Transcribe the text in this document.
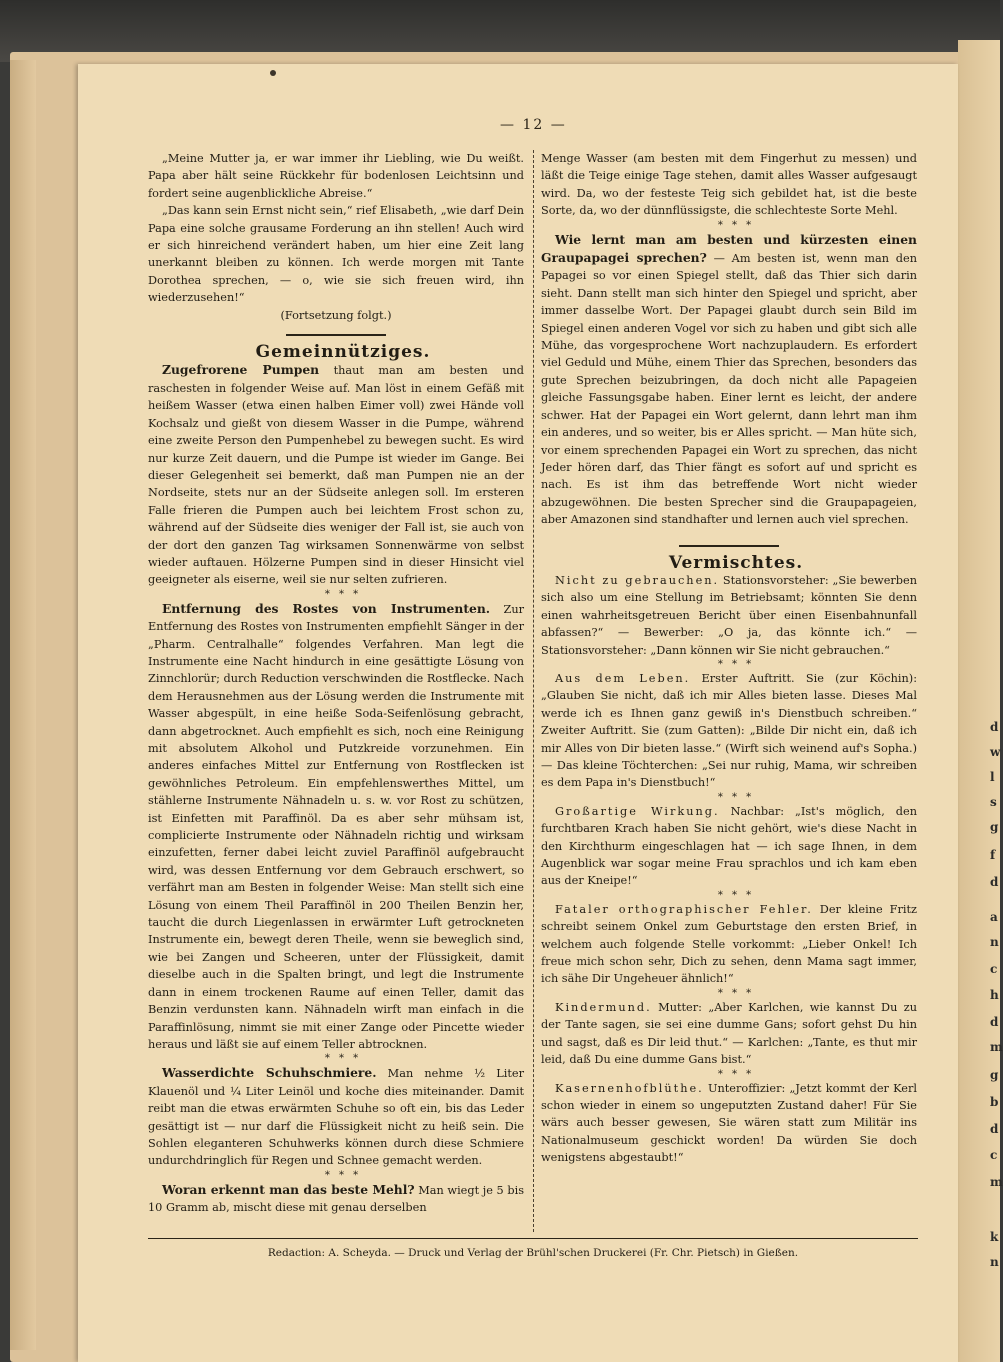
d
w
l
s
g
f
d
a
n
c
h
d
m
g
b
d
c
m
k
n
— 12 —

„Meine Mutter ja, er war immer ihr Liebling, wie Du weißt. Papa aber hält seine Rückkehr für bodenlosen Leichtsinn und fordert seine augenblickliche Abreise.“

„Das kann sein Ernst nicht sein,“ rief Elisabeth, „wie darf Dein Papa eine solche grausame Forderung an ihn stellen! Auch wird er sich hinreichend verändert haben, um hier eine Zeit lang unerkannt bleiben zu können. Ich werde morgen mit Tante Dorothea sprechen, — o, wie sie sich freuen wird, ihn wiederzusehen!“

(Fortsetzung folgt.)

Gemeinnütziges.

Zugefrorene Pumpen thaut man am besten und raschesten in folgender Weise auf. Man löst in einem Gefäß mit heißem Wasser (etwa einen halben Eimer voll) zwei Hände voll Kochsalz und gießt von diesem Wasser in die Pumpe, während eine zweite Person den Pumpenhebel zu bewegen sucht. Es wird nur kurze Zeit dauern, und die Pumpe ist wieder im Gange. Bei dieser Gelegenheit sei bemerkt, daß man Pumpen nie an der Nordseite, stets nur an der Südseite anlegen soll. Im ersteren Falle frieren die Pumpen auch bei leichtem Frost schon zu, während auf der Südseite dies weniger der Fall ist, sie auch von der dort den ganzen Tag wirksamen Sonnenwärme von selbst wieder auftauen. Hölzerne Pumpen sind in dieser Hinsicht viel geeigneter als eiserne, weil sie nur selten zufrieren.

* * *

Entfernung des Rostes von Instrumenten. Zur Entfernung des Rostes von Instrumenten empfiehlt Sänger in der „Pharm. Centralhalle“ folgendes Verfahren. Man legt die Instrumente eine Nacht hindurch in eine gesättigte Lösung von Zinnchlorür; durch Reduction verschwinden die Rostflecke. Nach dem Herausnehmen aus der Lösung werden die Instrumente mit Wasser abgespült, in eine heiße Soda-Seifenlösung gebracht, dann abgetrocknet. Auch empfiehlt es sich, noch eine Reinigung mit absolutem Alkohol und Putzkreide vorzunehmen. Ein anderes einfaches Mittel zur Entfernung von Rostflecken ist gewöhnliches Petroleum. Ein empfehlenswerthes Mittel, um stählerne Instrumente Nähnadeln u. s. w. vor Rost zu schützen, ist Einfetten mit Paraffinöl. Da es aber sehr mühsam ist, complicierte Instrumente oder Nähnadeln richtig und wirksam einzufetten, ferner dabei leicht zuviel Paraffinöl aufgebraucht wird, was dessen Entfernung vor dem Gebrauch erschwert, so verfährt man am Besten in folgender Weise: Man stellt sich eine Lösung von einem Theil Paraffinöl in 200 Theilen Benzin her, taucht die durch Liegenlassen in erwärmter Luft getrockneten Instrumente ein, bewegt deren Theile, wenn sie beweglich sind, wie bei Zangen und Scheeren, unter der Flüssigkeit, damit dieselbe auch in die Spalten bringt, und legt die Instrumente dann in einem trockenen Raume auf einen Teller, damit das Benzin verdunsten kann. Nähnadeln wirft man einfach in die Paraffinlösung, nimmt sie mit einer Zange oder Pincette wieder heraus und läßt sie auf einem Teller abtrocknen.

* * *

Wasserdichte Schuhschmiere. Man nehme ½ Liter Klauenöl und ¼ Liter Leinöl und koche dies miteinander. Damit reibt man die etwas erwärmten Schuhe so oft ein, bis das Leder gesättigt ist — nur darf die Flüssigkeit nicht zu heiß sein. Die Sohlen eleganteren Schuhwerks können durch diese Schmiere undurchdringlich für Regen und Schnee gemacht werden.

* * *

Woran erkennt man das beste Mehl? Man wiegt je 5 bis 10 Gramm ab, mischt diese mit genau derselben

Menge Wasser (am besten mit dem Fingerhut zu messen) und läßt die Teige einige Tage stehen, damit alles Wasser aufgesaugt wird. Da, wo der festeste Teig sich gebildet hat, ist die beste Sorte, da, wo der dünnflüssigste, die schlechteste Sorte Mehl.

* * *

Wie lernt man am besten und kürzesten einen Graupapagei sprechen? — Am besten ist, wenn man den Papagei so vor einen Spiegel stellt, daß das Thier sich darin sieht. Dann stellt man sich hinter den Spiegel und spricht, aber immer dasselbe Wort. Der Papagei glaubt durch sein Bild im Spiegel einen anderen Vogel vor sich zu haben und gibt sich alle Mühe, das vorgesprochene Wort nachzuplaudern. Es erfordert viel Geduld und Mühe, einem Thier das Sprechen, besonders das gute Sprechen beizubringen, da doch nicht alle Papageien gleiche Fassungsgabe haben. Einer lernt es leicht, der andere schwer. Hat der Papagei ein Wort gelernt, dann lehrt man ihm ein anderes, und so weiter, bis er Alles spricht. — Man hüte sich, vor einem sprechenden Papagei ein Wort zu sprechen, das nicht Jeder hören darf, das Thier fängt es sofort auf und spricht es nach. Es ist ihm das betreffende Wort nicht wieder abzugewöhnen. Die besten Sprecher sind die Graupapageien, aber Amazonen sind standhafter und lernen auch viel sprechen.

Vermischtes.

Nicht zu gebrauchen. Stationsvorsteher: „Sie bewerben sich also um eine Stellung im Betriebsamt; könnten Sie denn einen wahrheitsgetreuen Bericht über einen Eisenbahnunfall abfassen?“ — Bewerber: „O ja, das könnte ich.“ — Stationsvorsteher: „Dann können wir Sie nicht gebrauchen.“

* * *

Aus dem Leben. Erster Auftritt. Sie (zur Köchin): „Glauben Sie nicht, daß ich mir Alles bieten lasse. Dieses Mal werde ich es Ihnen ganz gewiß in's Dienstbuch schreiben.“ Zweiter Auftritt. Sie (zum Gatten): „Bilde Dir nicht ein, daß ich mir Alles von Dir bieten lasse.“ (Wirft sich weinend auf's Sopha.) — Das kleine Töchterchen: „Sei nur ruhig, Mama, wir schreiben es dem Papa in's Dienstbuch!“

* * *

Großartige Wirkung. Nachbar: „Ist's möglich, den furchtbaren Krach haben Sie nicht gehört, wie's diese Nacht in den Kirchthurm eingeschlagen hat — ich sage Ihnen, in dem Augenblick war sogar meine Frau sprachlos und ich kam eben aus der Kneipe!“

* * *

Fataler orthographischer Fehler. Der kleine Fritz schreibt seinem Onkel zum Geburtstage den ersten Brief, in welchem auch folgende Stelle vorkommt: „Lieber Onkel! Ich freue mich schon sehr, Dich zu sehen, denn Mama sagt immer, ich sähe Dir Ungeheuer ähnlich!“

* * *

Kindermund. Mutter: „Aber Karlchen, wie kannst Du zu der Tante sagen, sie sei eine dumme Gans; sofort gehst Du hin und sagst, daß es Dir leid thut.“ — Karlchen: „Tante, es thut mir leid, daß Du eine dumme Gans bist.“

* * *

Kasernenhofblüthe. Unteroffizier: „Jetzt kommt der Kerl schon wieder in einem so ungeputzten Zustand daher! Für Sie wärs auch besser gewesen, Sie wären statt zum Militär ins Nationalmuseum geschickt worden! Da würden Sie doch wenigstens abgestaubt!“

Redaction: A. Scheyda. — Druck und Verlag der Brühl'schen Druckerei (Fr. Chr. Pietsch) in Gießen.
